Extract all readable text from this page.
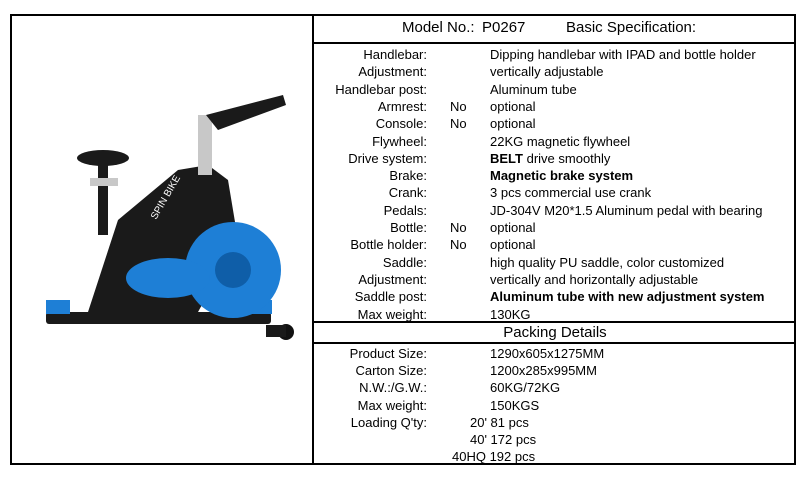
SPIN BIKE
Model No.: P0267	Basic Specification:
Handlebar:	Dipping handlebar with IPAD and bottle holder
Adjustment:	vertically adjustable
Handlebar post:	Aluminum tube
Armrest: No optional
Console: No optional
Flywheel:	22KG magnetic flywheel
Drive system:	BELT drive smoothly
Brake:	Magnetic brake system
Crank:	3 pcs commercial use crank
Pedals:	JD-304V M20*1.5 Aluminum pedal with bearing
Bottle: No optional
Bottle holder: No optional
Saddle:	high quality PU saddle, color customized
Adjustment:	vertically and horizontally adjustable
Saddle post:	Aluminum tube with new adjustment system
Max weight:	130KG
Packing Details
Product Size:	1290x605x1275MM
Carton Size:	1200x285x995MM
N.W.:/G.W.:	60KG/72KG
Max weight:	150KGS
Loading Q'ty:	20' 81 pcs
40' 172 pcs
40HQ 192 pcs
